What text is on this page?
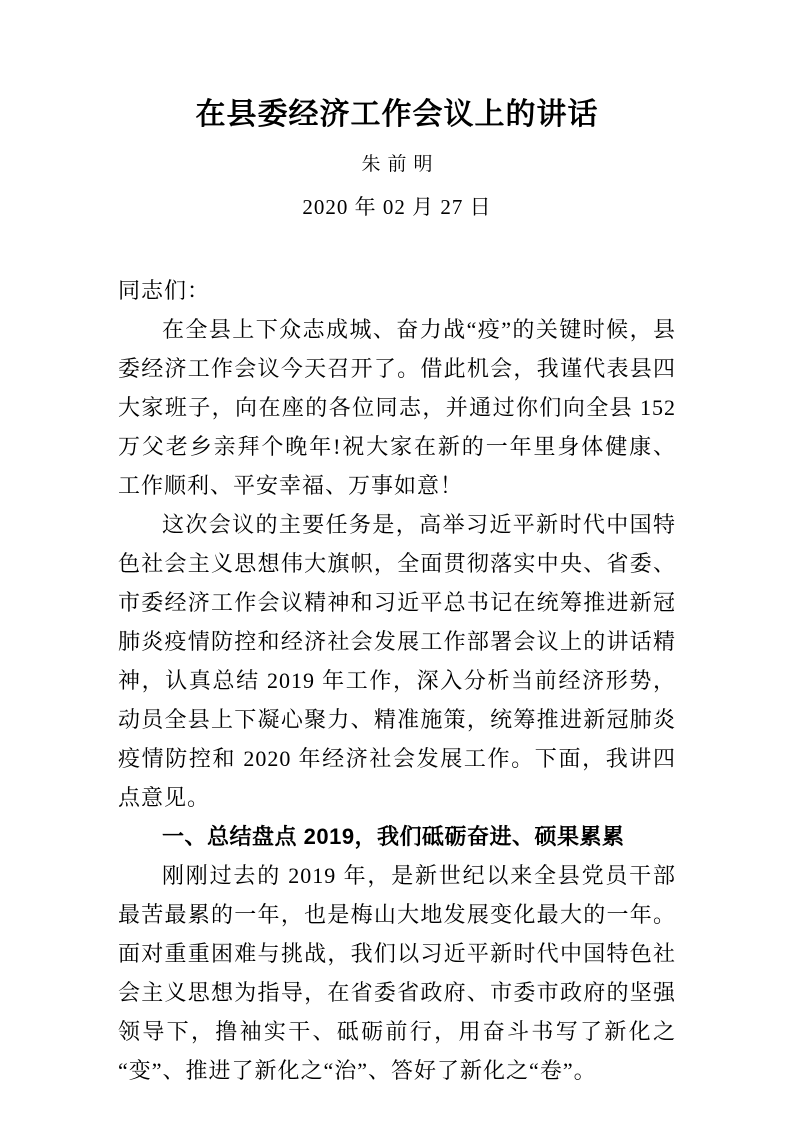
在县委经济工作会议上的讲话
朱前明
2020 年 02 月 27 日

同志们：

在全县上下众志成城、奋力战“疫”的关键时候，县委经济工作会议今天召开了。借此机会，我谨代表县四大家班子，向在座的各位同志，并通过你们向全县 152 万父老乡亲拜个晚年!祝大家在新的一年里身体健康、工作顺利、平安幸福、万事如意！

这次会议的主要任务是，高举习近平新时代中国特色社会主义思想伟大旗帜，全面贯彻落实中央、省委、市委经济工作会议精神和习近平总书记在统筹推进新冠肺炎疫情防控和经济社会发展工作部署会议上的讲话精神，认真总结 2019 年工作，深入分析当前经济形势，动员全县上下凝心聚力、精准施策，统筹推进新冠肺炎疫情防控和 2020 年经济社会发展工作。下面，我讲四点意见。

一、总结盘点 2019，我们砥砺奋进、硕果累累

刚刚过去的 2019 年，是新世纪以来全县党员干部最苦最累的一年，也是梅山大地发展变化最大的一年。面对重重困难与挑战，我们以习近平新时代中国特色社会主义思想为指导，在省委省政府、市委市政府的坚强领导下，撸袖实干、砥砺前行，用奋斗书写了新化之“变”、推进了新化之“治”、答好了新化之“卷”。
